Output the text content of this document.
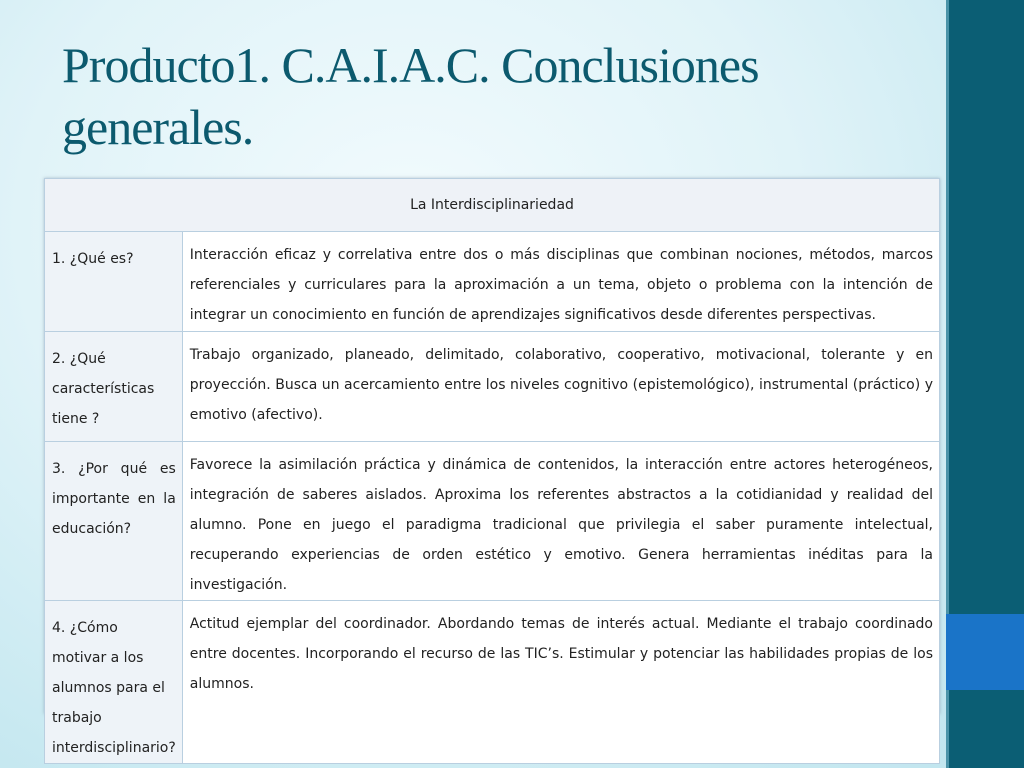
Producto1. C.A.I.A.C. Conclusiones generales.
La Interdisciplinariedad	
1. ¿Qué es?	Interacción eficaz y correlativa entre dos o más disciplinas que combinan nociones, métodos, marcos referenciales y curriculares para la aproximación a un tema, objeto o problema con la intención de integrar un conocimiento en función de aprendizajes significativos desde diferentes perspectivas.
2. ¿Qué características tiene ?	Trabajo organizado, planeado, delimitado, colaborativo, cooperativo, motivacional, tolerante y en proyección. Busca un acercamiento entre los niveles cognitivo (epistemológico), instrumental (práctico) y emotivo (afectivo).
3. ¿Por qué es importante en la educación?	Favorece la asimilación práctica y dinámica de contenidos, la interacción entre actores heterogéneos, integración de saberes aislados. Aproxima los referentes abstractos a la cotidianidad y realidad del alumno. Pone en juego el paradigma tradicional que privilegia el saber puramente intelectual, recuperando experiencias de orden estético y emotivo. Genera herramientas inéditas para la investigación.
4. ¿Cómo motivar a los alumnos para el trabajo interdisciplinario?	Actitud ejemplar del coordinador. Abordando temas de interés actual. Mediante el trabajo coordinado entre docentes. Incorporando el recurso de las TIC’s. Estimular y potenciar las habilidades propias de los alumnos.
